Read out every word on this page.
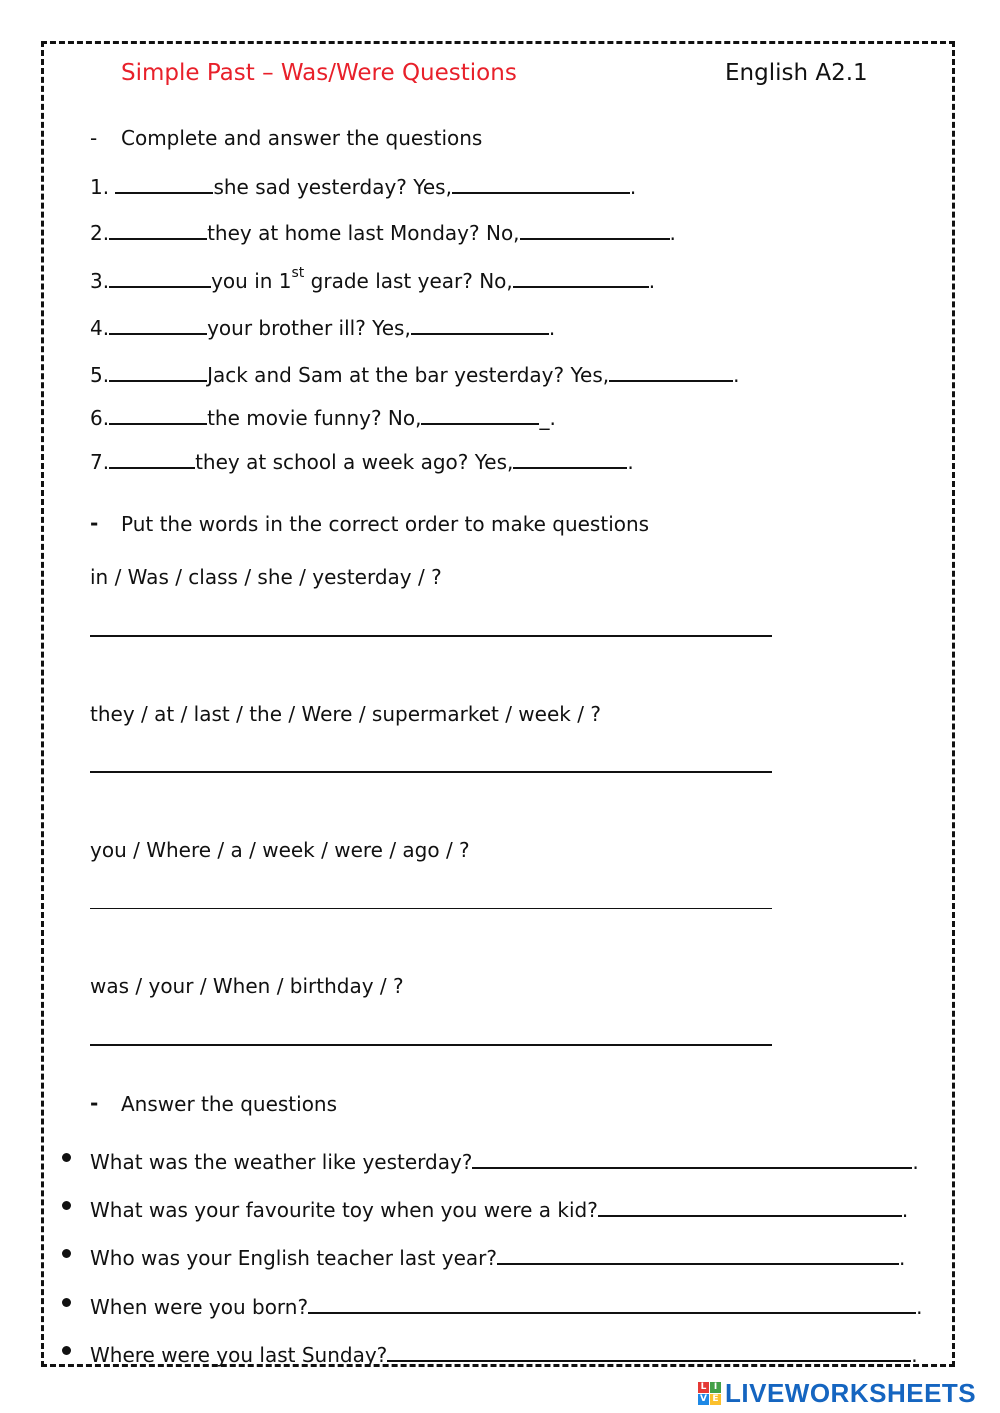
Simple Past – Was/Were Questions	English A2.1
- Complete and answer the questions
1.	she sad yesterday? Yes,	.
2.	they at home last Monday? No,	.
3.	you in 1st grade last year? No,	.
4.	your brother ill? Yes,	.
5.	Jack and Sam at the bar yesterday? Yes,	.
6.	the movie funny? No,	_.
7.	they at school a week ago? Yes,	.
- Put the words in the correct order to make questions
in / Was / class / she / yesterday / ?
they / at / last / the / Were / supermarket / week / ?
you / Where / a / week / were / ago / ?
was / your / When / birthday / ?
- Answer the questions
What was the weather like yesterday?	.
What was your favourite toy when you were a kid?	.
Who was your English teacher last year?	.
When were you born?	.
Where were you last Sunday?	.
L I
V E LIVEWORKSHEETS
